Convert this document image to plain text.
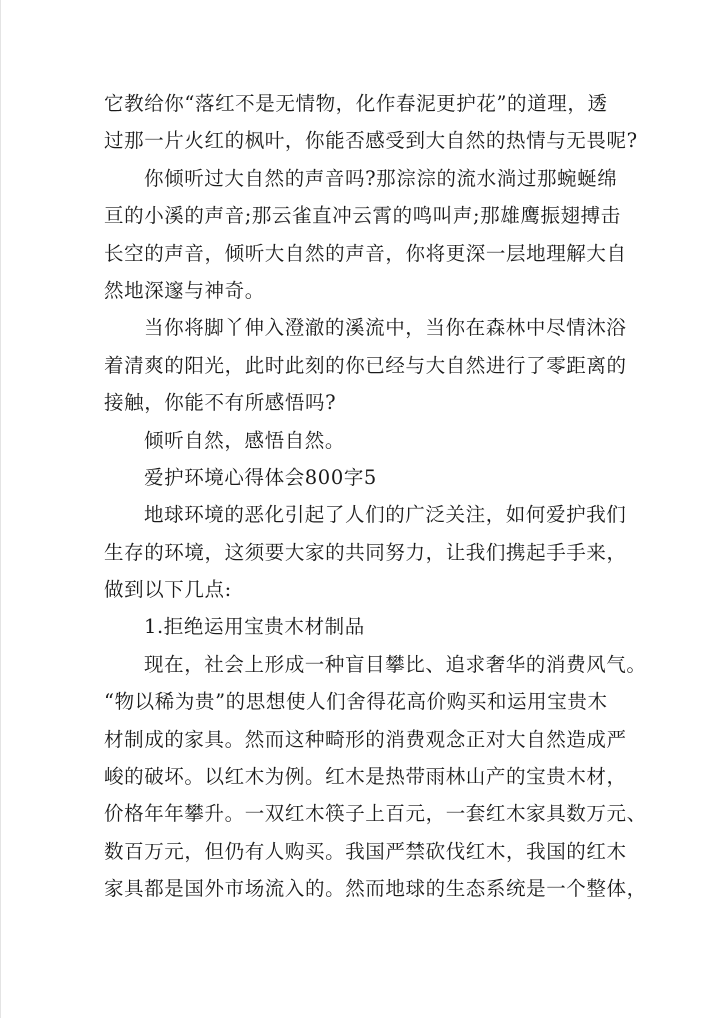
它教给你“落红不是无情物，化作春泥更护花”的道理，透
过那一片火红的枫叶，你能否感受到大自然的热情与无畏呢?
你倾听过大自然的声音吗?那淙淙的流水淌过那蜿蜒绵
亘的小溪的声音;那云雀直冲云霄的鸣叫声;那雄鹰振翅搏击
长空的声音，倾听大自然的声音，你将更深一层地理解大自
然地深邃与神奇。
当你将脚丫伸入澄澈的溪流中，当你在森林中尽情沐浴
着清爽的阳光，此时此刻的你已经与大自然进行了零距离的
接触，你能不有所感悟吗?
倾听自然，感悟自然。
爱护环境心得体会800字5
地球环境的恶化引起了人们的广泛关注，如何爱护我们
生存的环境，这须要大家的共同努力，让我们携起手手来，
做到以下几点:
1.拒绝运用宝贵木材制品
现在，社会上形成一种盲目攀比、追求奢华的消费风气。
“物以稀为贵”的思想使人们舍得花高价购买和运用宝贵木
材制成的家具。然而这种畸形的消费观念正对大自然造成严
峻的破坏。以红木为例。红木是热带雨林山产的宝贵木材，
价格年年攀升。一双红木筷子上百元，一套红木家具数万元、
数百万元，但仍有人购买。我国严禁砍伐红木，我国的红木
家具都是国外市场流入的。然而地球的生态系统是一个整体，
